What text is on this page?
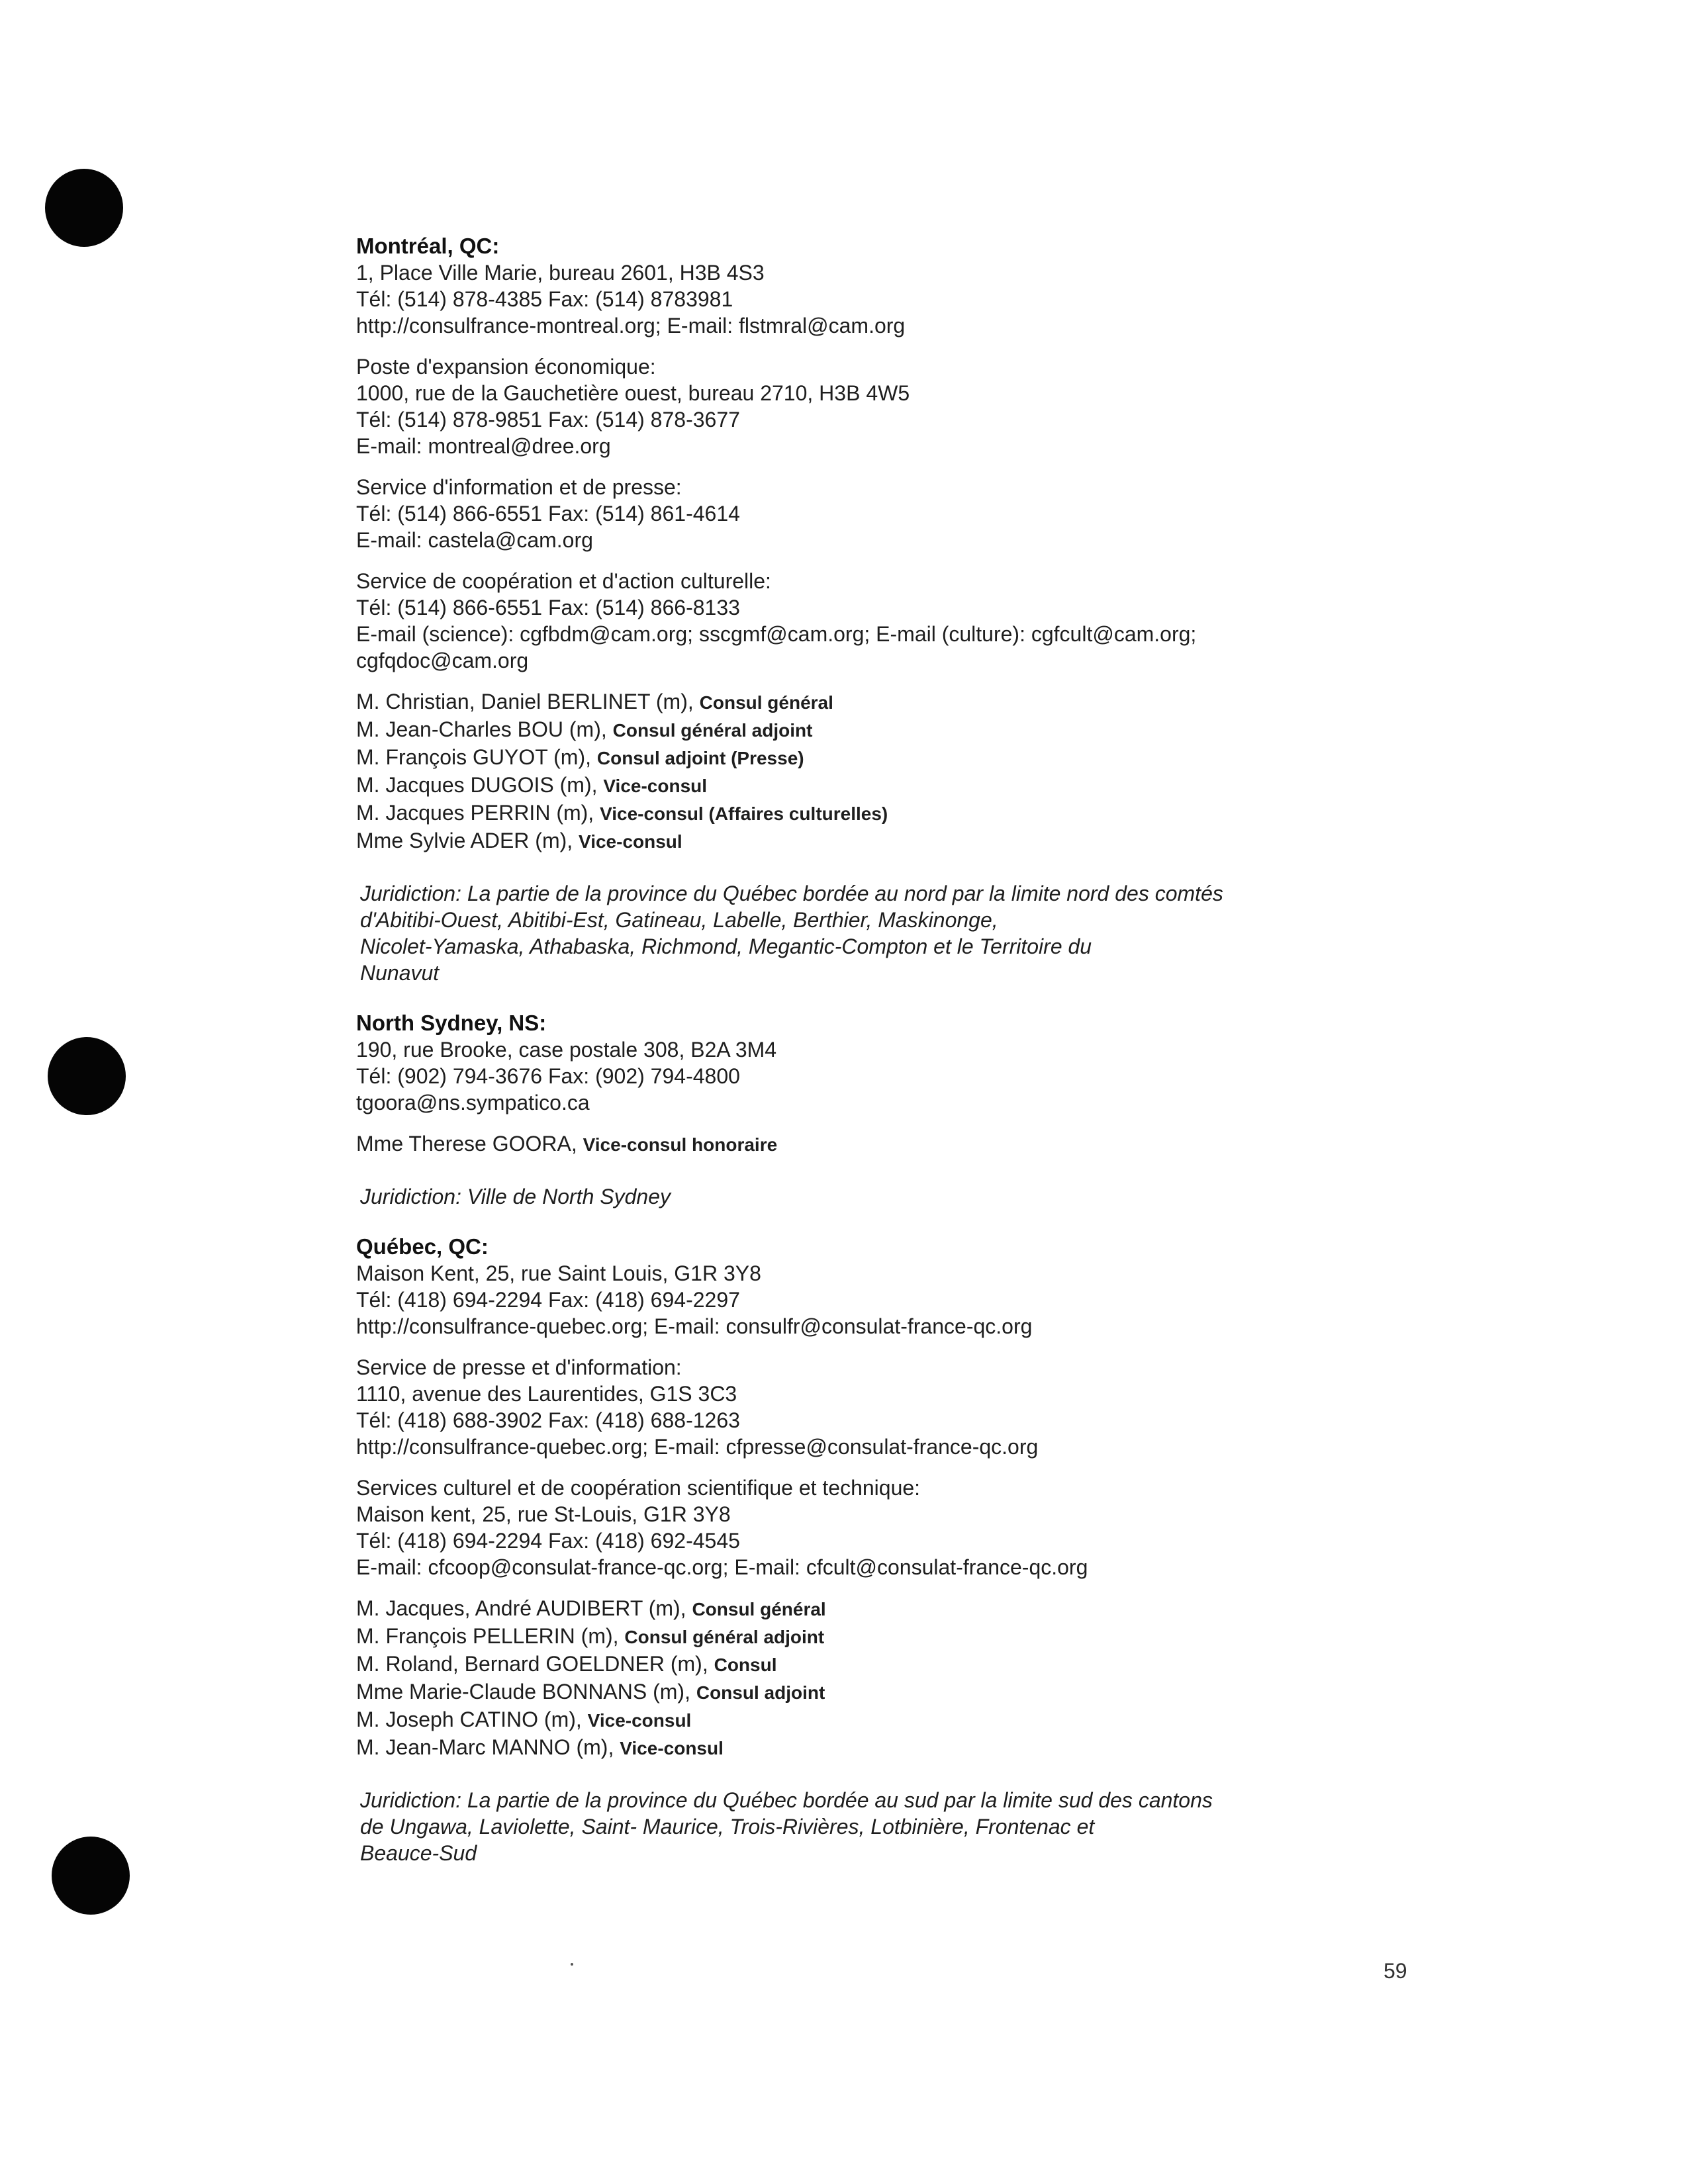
Montréal, QC:
1, Place Ville Marie, bureau 2601, H3B 4S3
Tél: (514) 878-4385 Fax: (514) 8783981
http://consulfrance-montreal.org; E-mail: flstmral@cam.org
Poste d'expansion économique:
1000, rue de la Gauchetière ouest, bureau 2710, H3B 4W5
Tél: (514) 878-9851 Fax: (514) 878-3677
E-mail: montreal@dree.org
Service d'information et de presse:
Tél: (514) 866-6551 Fax: (514) 861-4614
E-mail: castela@cam.org
Service de coopération et d'action culturelle:
Tél: (514) 866-6551 Fax: (514) 866-8133
E-mail (science): cgfbdm@cam.org; sscgmf@cam.org; E-mail (culture): cgfcult@cam.org;
cgfqdoc@cam.org
M. Christian, Daniel BERLINET (m), Consul général
M. Jean-Charles BOU (m), Consul général adjoint
M. François GUYOT (m), Consul adjoint (Presse)
M. Jacques DUGOIS (m), Vice-consul
M. Jacques PERRIN (m), Vice-consul (Affaires culturelles)
Mme Sylvie ADER (m), Vice-consul
Juridiction: La partie de la province du Québec bordée au nord par la limite nord des comtés
d'Abitibi-Ouest, Abitibi-Est, Gatineau, Labelle, Berthier, Maskinonge,
Nicolet-Yamaska, Athabaska, Richmond, Megantic-Compton et le Territoire du
Nunavut
North Sydney, NS:
190, rue Brooke, case postale 308, B2A 3M4
Tél: (902) 794-3676 Fax: (902) 794-4800
tgoora@ns.sympatico.ca
Mme Therese GOORA, Vice-consul honoraire
Juridiction: Ville de North Sydney
Québec, QC:
Maison Kent, 25, rue Saint Louis, G1R 3Y8
Tél: (418) 694-2294 Fax: (418) 694-2297
http://consulfrance-quebec.org; E-mail: consulfr@consulat-france-qc.org
Service de presse et d'information:
1110, avenue des Laurentides, G1S 3C3
Tél: (418) 688-3902 Fax: (418) 688-1263
http://consulfrance-quebec.org; E-mail: cfpresse@consulat-france-qc.org
Services culturel et de coopération scientifique et technique:
Maison kent, 25, rue St-Louis, G1R 3Y8
Tél: (418) 694-2294 Fax: (418) 692-4545
E-mail: cfcoop@consulat-france-qc.org; E-mail: cfcult@consulat-france-qc.org
M. Jacques, André AUDIBERT (m), Consul général
M. François PELLERIN (m), Consul général adjoint
M. Roland, Bernard GOELDNER (m), Consul
Mme Marie-Claude BONNANS (m), Consul adjoint
M. Joseph CATINO (m), Vice-consul
M. Jean-Marc MANNO (m), Vice-consul
Juridiction: La partie de la province du Québec bordée au sud par la limite sud des cantons
de Ungawa, Laviolette, Saint- Maurice, Trois-Rivières, Lotbinière, Frontenac et
Beauce-Sud
59
